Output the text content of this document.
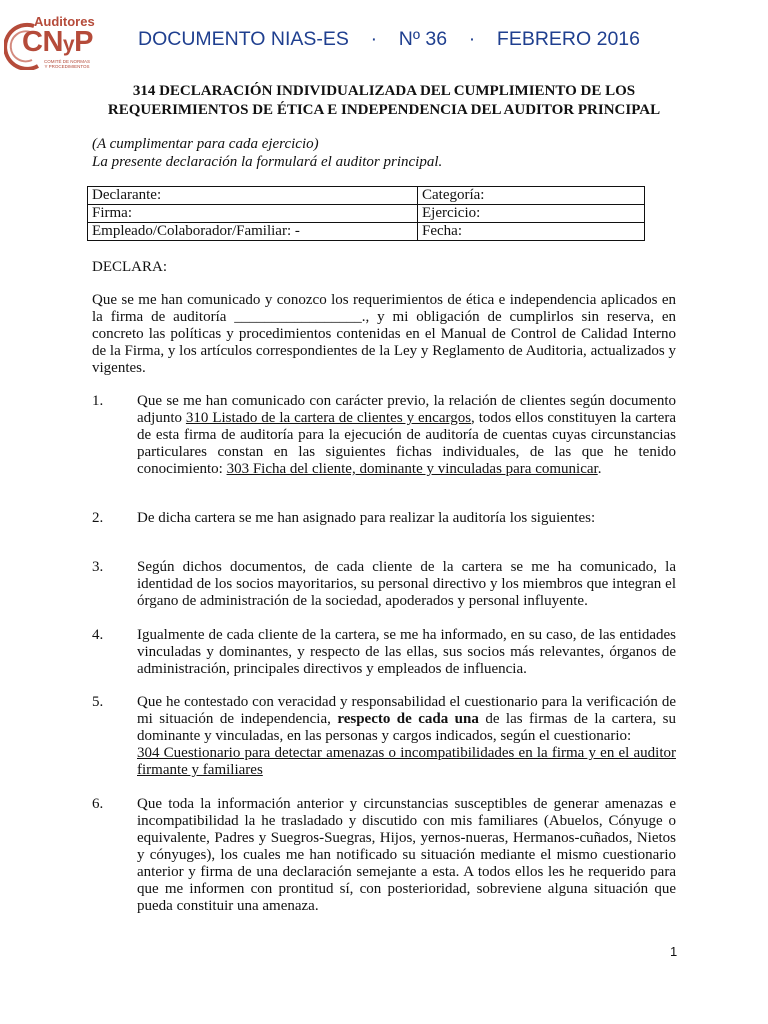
Auditores
CNyP
COMITÉ DE NORMAS Y PROCEDIMIENTOS
DOCUMENTO NIAS-ES · Nº 36 · FEBRERO 2016
314 DECLARACIÓN INDIVIDUALIZADA DEL CUMPLIMIENTO DE LOS
REQUERIMIENTOS DE ÉTICA E INDEPENDENCIA DEL AUDITOR PRINCIPAL
(A cumplimentar para cada ejercicio)
La presente declaración la formulará el auditor principal.
Declarante:	Categoría:
Firma:	Ejercicio:
Empleado/Colaborador/Familiar: -	Fecha:
DECLARA:
Que se me han comunicado y conozco los requerimientos de ética e independencia aplicados en la firma de auditoría _________________., y mi obligación de cumplirlos sin reserva, en concreto las políticas y procedimientos contenidas en el Manual de Control de Calidad Interno de la Firma, y los artículos correspondientes de la Ley y Reglamento de Auditoria, actualizados y vigentes.
1. Que se me han comunicado con carácter previo, la relación de clientes según documento adjunto 310 Listado de la cartera de clientes y encargos, todos ellos constituyen la cartera de esta firma de auditoría para la ejecución de auditoría de cuentas cuyas circunstancias particulares constan en las siguientes fichas individuales, de las que he tenido conocimiento: 303 Ficha del cliente, dominante y vinculadas para comunicar.
2. De dicha cartera se me han asignado para realizar la auditoría los siguientes:
3. Según dichos documentos, de cada cliente de la cartera se me ha comunicado, la identidad de los socios mayoritarios, su personal directivo y los miembros que integran el órgano de administración de la sociedad, apoderados y personal influyente.
4. Igualmente de cada cliente de la cartera, se me ha informado, en su caso, de las entidades vinculadas y dominantes, y respecto de las ellas, sus socios más relevantes, órganos de administración, principales directivos y empleados de influencia.
5. Que he contestado con veracidad y responsabilidad el cuestionario para la verificación de mi situación de independencia, respecto de cada una de las firmas de la cartera, su dominante y vinculadas, en las personas y cargos indicados, según el cuestionario:
304 Cuestionario para detectar amenazas o incompatibilidades en la firma y en el auditor firmante y familiares
6. Que toda la información anterior y circunstancias susceptibles de generar amenazas e incompatibilidad la he trasladado y discutido con mis familiares (Abuelos, Cónyuge o equivalente, Padres y Suegros-Suegras, Hijos, yernos-nueras, Hermanos-cuñados, Nietos y cónyuges), los cuales me han notificado su situación mediante el mismo cuestionario anterior y firma de una declaración semejante a esta. A todos ellos les he requerido para que me informen con prontitud sí, con posterioridad, sobreviene alguna situación que pueda constituir una amenaza.
1
